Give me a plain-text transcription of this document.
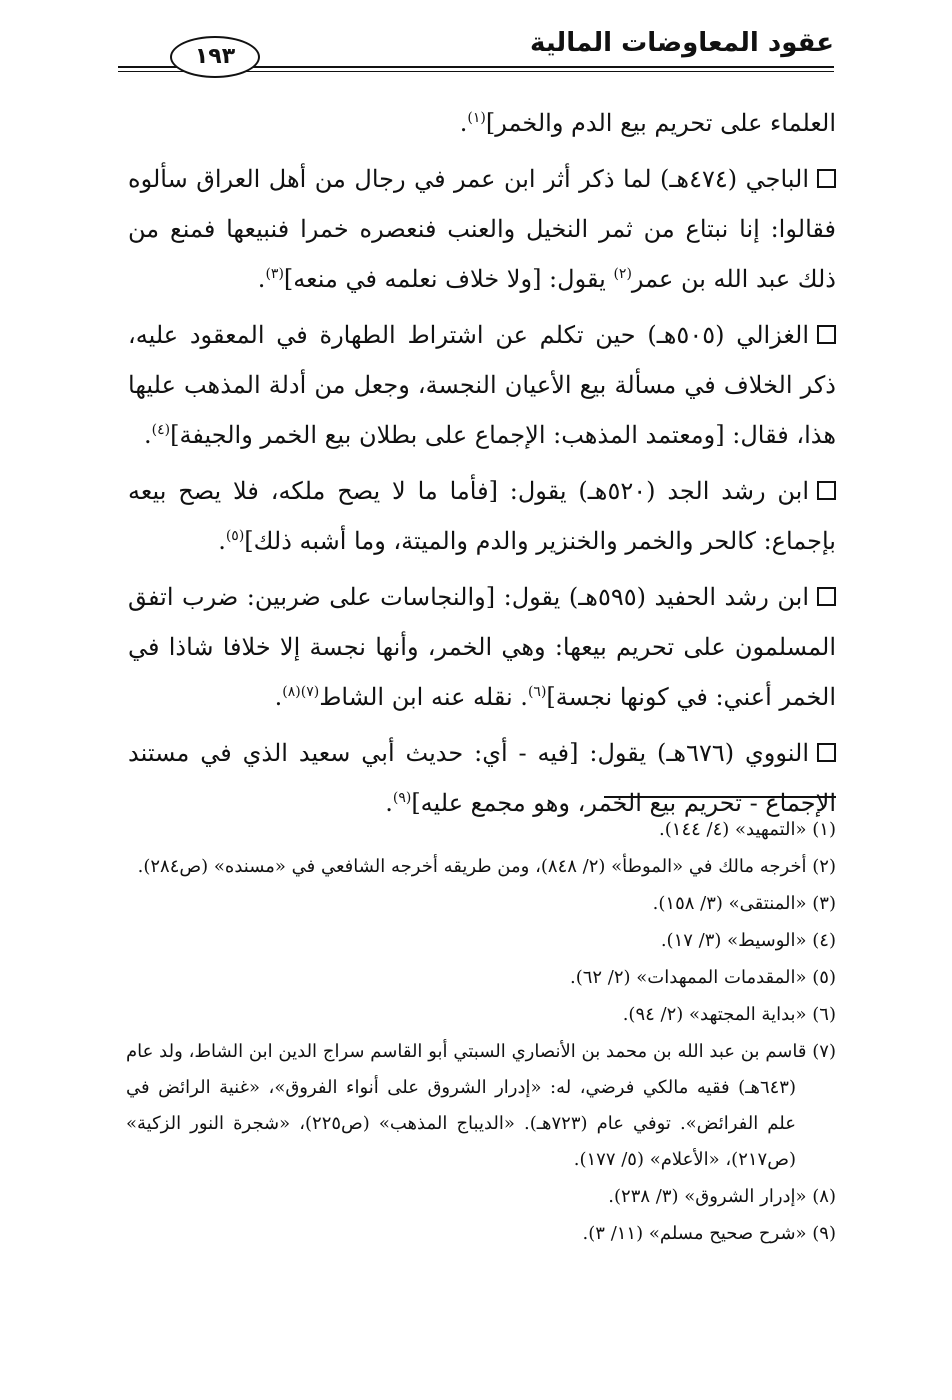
عقود المعاوضات المالية
١٩٣

العلماء على تحريم بيع الدم والخمر]$^{(١)}$.

الباجي (٤٧٤هـ) لما ذكر أثر ابن عمر في رجال من أهل العراق سألوه فقالوا: إنا نبتاع من ثمر النخيل والعنب فنعصره خمرا فنبيعها فمنع من ذلك عبد الله بن عمر$^{(٢)}$ يقول: [ولا خلاف نعلمه في منعه]$^{(٣)}$.

الغزالي (٥٠٥هـ) حين تكلم عن اشتراط الطهارة في المعقود عليه، ذكر الخلاف في مسألة بيع الأعيان النجسة، وجعل من أدلة المذهب عليها هذا، فقال: [ومعتمد المذهب: الإجماع على بطلان بيع الخمر والجيفة]$^{(٤)}$.

ابن رشد الجد (٥٢٠هـ) يقول: [فأما ما لا يصح ملكه، فلا يصح بيعه بإجماع: كالحر والخمر والخنزير والدم والميتة، وما أشبه ذلك]$^{(٥)}$.

ابن رشد الحفيد (٥٩٥هـ) يقول: [والنجاسات على ضربين: ضرب اتفق المسلمون على تحريم بيعها: وهي الخمر، وأنها نجسة إلا خلافا شاذا في الخمر أعني: في كونها نجسة]$^{(٦)}$. نقله عنه ابن الشاط$^{(٧)(٨)}$.

النووي (٦٧٦هـ) يقول: [فيه - أي: حديث أبي سعيد الذي في مستند الإجماع - تحريم بيع الخمر، وهو مجمع عليه]$^{(٩)}$.

(١) «التمهيد» (٤/ ١٤٤).

(٢) أخرجه مالك في «الموطأ» (٢/ ٨٤٨)، ومن طريقه أخرجه الشافعي في «مسنده» (ص٢٨٤).

(٣) «المنتقى» (٣/ ١٥٨).

(٤) «الوسيط» (٣/ ١٧).

(٥) «المقدمات الممهدات» (٢/ ٦٢).

(٦) «بداية المجتهد» (٢/ ٩٤).

(٧) قاسم بن عبد الله بن محمد بن الأنصاري السبتي أبو القاسم سراج الدين ابن الشاط، ولد عام (٦٤٣هـ) فقيه مالكي فرضي، له: «إدرار الشروق على أنواء الفروق»، «غنية الرائض في علم الفرائض». توفي عام (٧٢٣هـ). «الديباج المذهب» (ص٢٢٥)، «شجرة النور الزكية» (ص٢١٧)، «الأعلام» (٥/ ١٧٧).

(٨) «إدرار الشروق» (٣/ ٢٣٨).

(٩) «شرح صحيح مسلم» (١١/ ٣).
